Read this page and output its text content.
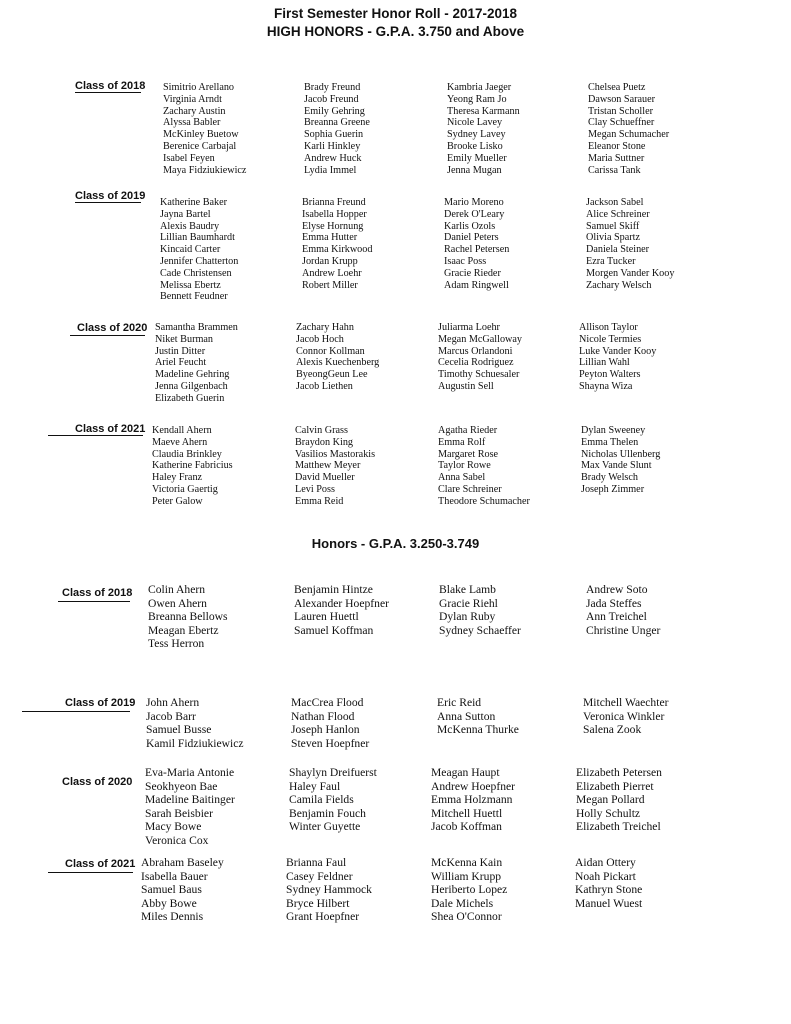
First Semester Honor Roll - 2017-2018
HIGH HONORS - G.P.A. 3.750 and Above
Class of 2018 Simitrio Arellano
Virginia Arndt
Zachary Austin
Alyssa Babler
McKinley Buetow
Berenice Carbajal
Isabel Feyen
Maya Fidziukiewicz
Brady Freund
Jacob Freund
Emily Gehring
Breanna Greene
Sophia Guerin
Karli Hinkley
Andrew Huck
Lydia Immel
Kambria Jaeger
Yeong Ram Jo
Theresa Karmann
Nicole Lavey
Sydney Lavey
Brooke Lisko
Emily Mueller
Jenna Mugan
Chelsea Puetz
Dawson Sarauer
Tristan Scholler
Clay Schueffner
Megan Schumacher
Eleanor Stone
Maria Suttner
Carissa Tank
Class of 2019
Katherine Baker
Jayna Bartel
Alexis Baudry
Lillian Baumhardt
Kincaid Carter
Jennifer Chatterton
Cade Christensen
Melissa Ebertz
Bennett Feudner
Brianna Freund
Isabella Hopper
Elyse Hornung
Emma Hutter
Emma Kirkwood
Jordan Krupp
Andrew Loehr
Robert Miller
Mario Moreno
Derek O'Leary
Karlis Ozols
Daniel Peters
Rachel Petersen
Isaac Poss
Gracie Rieder
Adam Ringwell
Jackson Sabel
Alice Schreiner
Samuel Skiff
Olivia Spartz
Daniela Steiner
Ezra Tucker
Morgen Vander Kooy
Zachary Welsch
Class of 2020 Samantha Brammen
Niket Burman
Justin Ditter
Ariel Feucht
Madeline Gehring
Jenna Gilgenbach
Elizabeth Guerin
Zachary Hahn
Jacob Hoch
Connor Kollman
Alexis Kuechenberg
ByeongGeun Lee
Jacob Liethen
Juliarma Loehr
Megan McGalloway
Marcus Orlandoni
Cecelia Rodriguez
Timothy Schuesaler
Augustin Sell
Allison Taylor
Nicole Termies
Luke Vander Kooy
Lillian Wahl
Peyton Walters
Shayna Wiza
Class of 2021 Kendall Ahern
Maeve Ahern
Claudia Brinkley
Katherine Fabricius
Haley Franz
Victoria Gaertig
Peter Galow
Calvin Grass
Braydon King
Vasilios Mastorakis
Matthew Meyer
David Mueller
Levi Poss
Emma Reid
Agatha Rieder
Emma Rolf
Margaret Rose
Taylor Rowe
Anna Sabel
Clare Schreiner
Theodore Schumacher
Dylan Sweeney
Emma Thelen
Nicholas Ullenberg
Max Vande Slunt
Brady Welsch
Joseph Zimmer
Honors - G.P.A. 3.250-3.749
Class of 2018 Colin Ahern
Owen Ahern
Breanna Bellows
Meagan Ebertz
Tess Herron
Benjamin Hintze
Alexander Hoepfner
Lauren Huettl
Samuel Koffman
Blake Lamb
Gracie Riehl
Dylan Ruby
Sydney Schaeffer
Andrew Soto
Jada Steffes
Ann Treichel
Christine Unger
Class of 2019 John Ahern
Jacob Barr
Samuel Busse
Kamil Fidziukiewicz
MacCrea Flood
Nathan Flood
Joseph Hanlon
Steven Hoepfner
Eric Reid
Anna Sutton
McKenna Thurke
Mitchell Waechter
Veronica Winkler
Salena Zook
Class of 2020
Eva-Maria Antonie
Seokhyeon Bae
Madeline Baitinger
Sarah Beisbier
Macy Bowe
Veronica Cox
Shaylyn Dreifuerst
Haley Faul
Camila Fields
Benjamin Fouch
Winter Guyette
Meagan Haupt
Andrew Hoepfner
Emma Holzmann
Mitchell Huettl
Jacob Koffman
Elizabeth Petersen
Elizabeth Pierret
Megan Pollard
Holly Schultz
Elizabeth Treichel
Class of 2021 Abraham Baseley
Isabella Bauer
Samuel Baus
Abby Bowe
Miles Dennis
Brianna Faul
Casey Feldner
Sydney Hammock
Bryce Hilbert
Grant Hoepfner
McKenna Kain
William Krupp
Heriberto Lopez
Dale Michels
Shea O'Connor
Aidan Ottery
Noah Pickart
Kathryn Stone
Manuel Wuest
